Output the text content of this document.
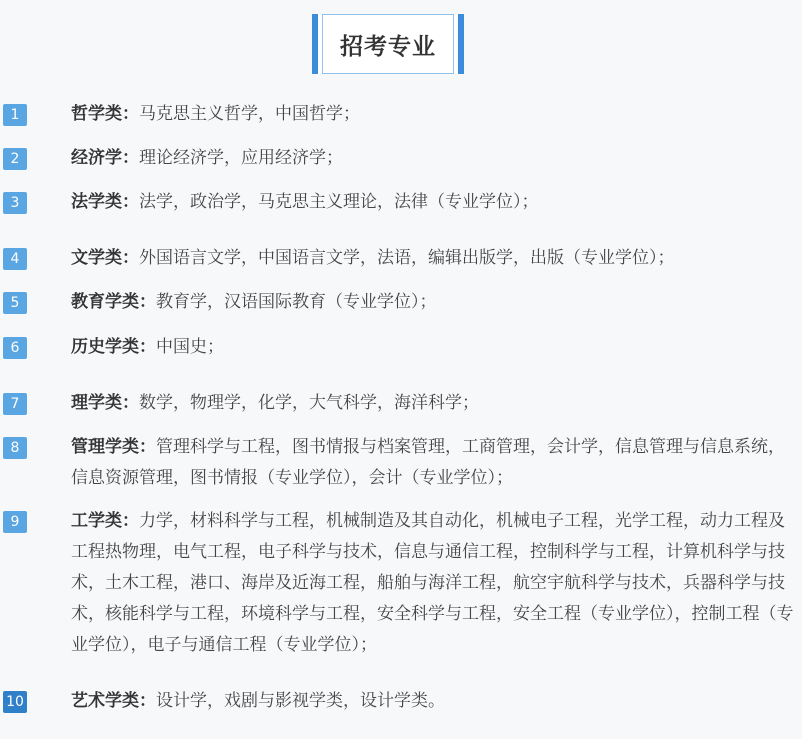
招考专业
1	哲学类：马克思主义哲学，中国哲学；

2	经济学：理论经济学，应用经济学；

3	法学类：法学，政治学，马克思主义理论，法律（专业学位）；

4	文学类：外国语言文学，中国语言文学，法语，编辑出版学，出版（专业学位）；

5	教育学类：教育学，汉语国际教育（专业学位）；

6	历史学类：中国史；

7	理学类：数学，物理学，化学，大气科学，海洋科学；

8	管理学类：管理科学与工程，图书情报与档案管理，工商管理，会计学，信息管理与信息系统，信息资源管理，图书情报（专业学位），会计（专业学位）；

9	工学类：力学，材料科学与工程，机械制造及其自动化，机械电子工程，光学工程，动力工程及工程热物理，电气工程，电子科学与技术，信息与通信工程，控制科学与工程，计算机科学与技术，土木工程，港口、海岸及近海工程，船舶与海洋工程，航空宇航科学与技术，兵器科学与技术，核能科学与工程，环境科学与工程，安全科学与工程，安全工程（专业学位），控制工程（专业学位），电子与通信工程（专业学位）；

10	艺术学类：设计学，戏剧与影视学类，设计学类。
